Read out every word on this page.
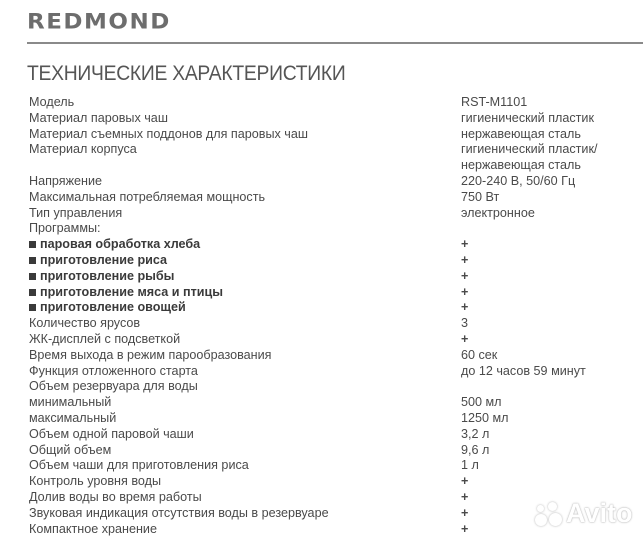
REDMOND
ТЕХНИЧЕСКИЕ ХАРАКТЕРИСТИКИ
Модель	RST-M1101
Материал паровых чаш	гигиенический пластик
Материал съемных поддонов для паровых чаш	нержавеющая сталь
Материал корпуса	гигиенический пластик/
нержавеющая сталь
Напряжение	220-240 В, 50/60 Гц
Максимальная потребляемая мощность	750 Вт
Тип управления	электронное
Программы:
паровая обработка хлеба	+
приготовление риса	+
приготовление рыбы	+
приготовление мяса и птицы	+
приготовление овощей	+
Количество ярусов	3
ЖК-дисплей с подсветкой	+
Время выхода в режим парообразования	60 сек
Функция отложенного старта	до 12 часов 59 минут
Объем резервуара для воды
минимальный	500 мл
максимальный	1250 мл
Объем одной паровой чаши	3,2 л
Общий объем	9,6 л
Объем чаши для приготовления риса	1 л
Контроль уровня воды	+
Долив воды во время работы	+
Звуковая индикация отсутствия воды в резервуаре	+
Компактное хранение	+
Avito
